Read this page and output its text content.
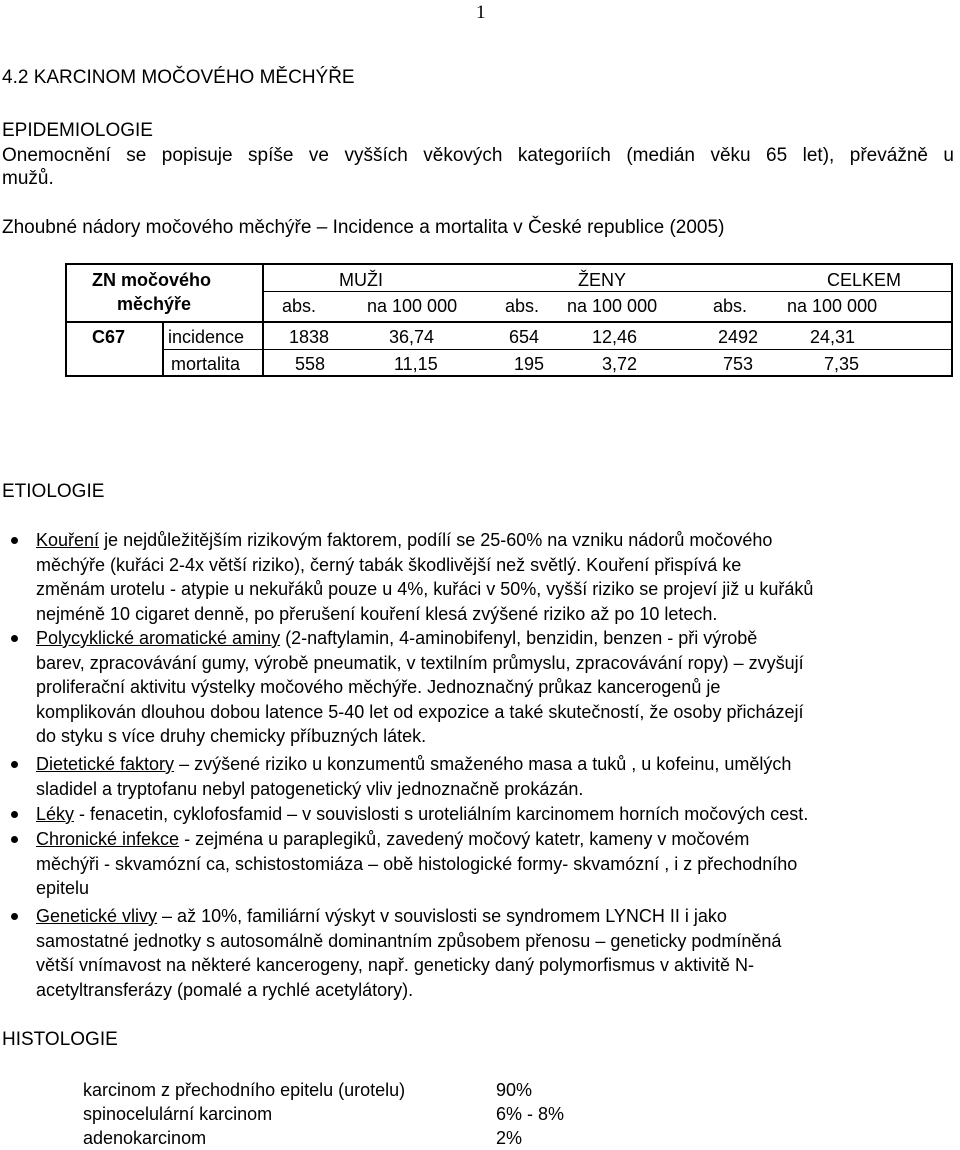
1
4.2 KARCINOM MOČOVÉHO MĚCHÝŘE
EPIDEMIOLOGIE
Onemocnění se popisuje spíše ve vyšších věkových kategoriích (medián věku 65 let), převážně u
mužů.
Zhoubné nádory močového měchýře – Incidence a mortalita v České republice (2005)
ZN močového
měchýře
MUŽI	ŽENY	CELKEM
abs.	na 100 000	abs. na 100 000	abs. na 100 000
C67 incidence 1838	36,74	654	12,46	2492	24,31
mortalita	558	11,15	195	3,72	753	7,35
ETIOLOGIE
Kouření je nejdůležitějším rizikovým faktorem, podílí se 25-60% na vzniku nádorů močového
měchýře (kuřáci 2-4x větší riziko), černý tabák škodlivější než světlý. Kouření přispívá ke
změnám urotelu - atypie u nekuřáků pouze u 4%, kuřáci v 50%, vyšší riziko se projeví již u kuřáků
nejméně 10 cigaret denně, po přerušení kouření klesá zvýšené riziko až po 10 letech.
Polycyklické aromatické aminy (2-naftylamin, 4-aminobifenyl, benzidin, benzen - při výrobě
barev, zpracovávání gumy, výrobě pneumatik, v textilním průmyslu, zpracovávání ropy) – zvyšují
proliferační aktivitu výstelky močového měchýře. Jednoznačný průkaz kancerogenů je
komplikován dlouhou dobou latence 5-40 let od expozice a také skutečností, že osoby přicházejí
do styku s více druhy chemicky příbuzných látek.
Dietetické faktory – zvýšené riziko u konzumentů smaženého masa a tuků , u kofeinu, umělých
sladidel a tryptofanu nebyl patogenetický vliv jednoznačně prokázán.
Léky - fenacetin, cyklofosfamid – v souvislosti s uroteliálním karcinomem horních močových cest.
Chronické infekce - zejména u paraplegiků, zavedený močový katetr, kameny v močovém
měchýři - skvamózní ca, schistostomiáza – obě histologické formy- skvamózní , i z přechodního
epitelu
Genetické vlivy – až 10%, familiární výskyt v souvislosti se syndromem LYNCH II i jako
samostatné jednotky s autosomálně dominantním způsobem přenosu – geneticky podmíněná
větší vnímavost na některé kancerogeny, např. geneticky daný polymorfismus v aktivitě N-
acetyltransferázy (pomalé a rychlé acetylátory).
HISTOLOGIE
karcinom z přechodního epitelu (urotelu)	90%
spinocelulární karcinom	6% - 8%
adenokarcinom	2%
